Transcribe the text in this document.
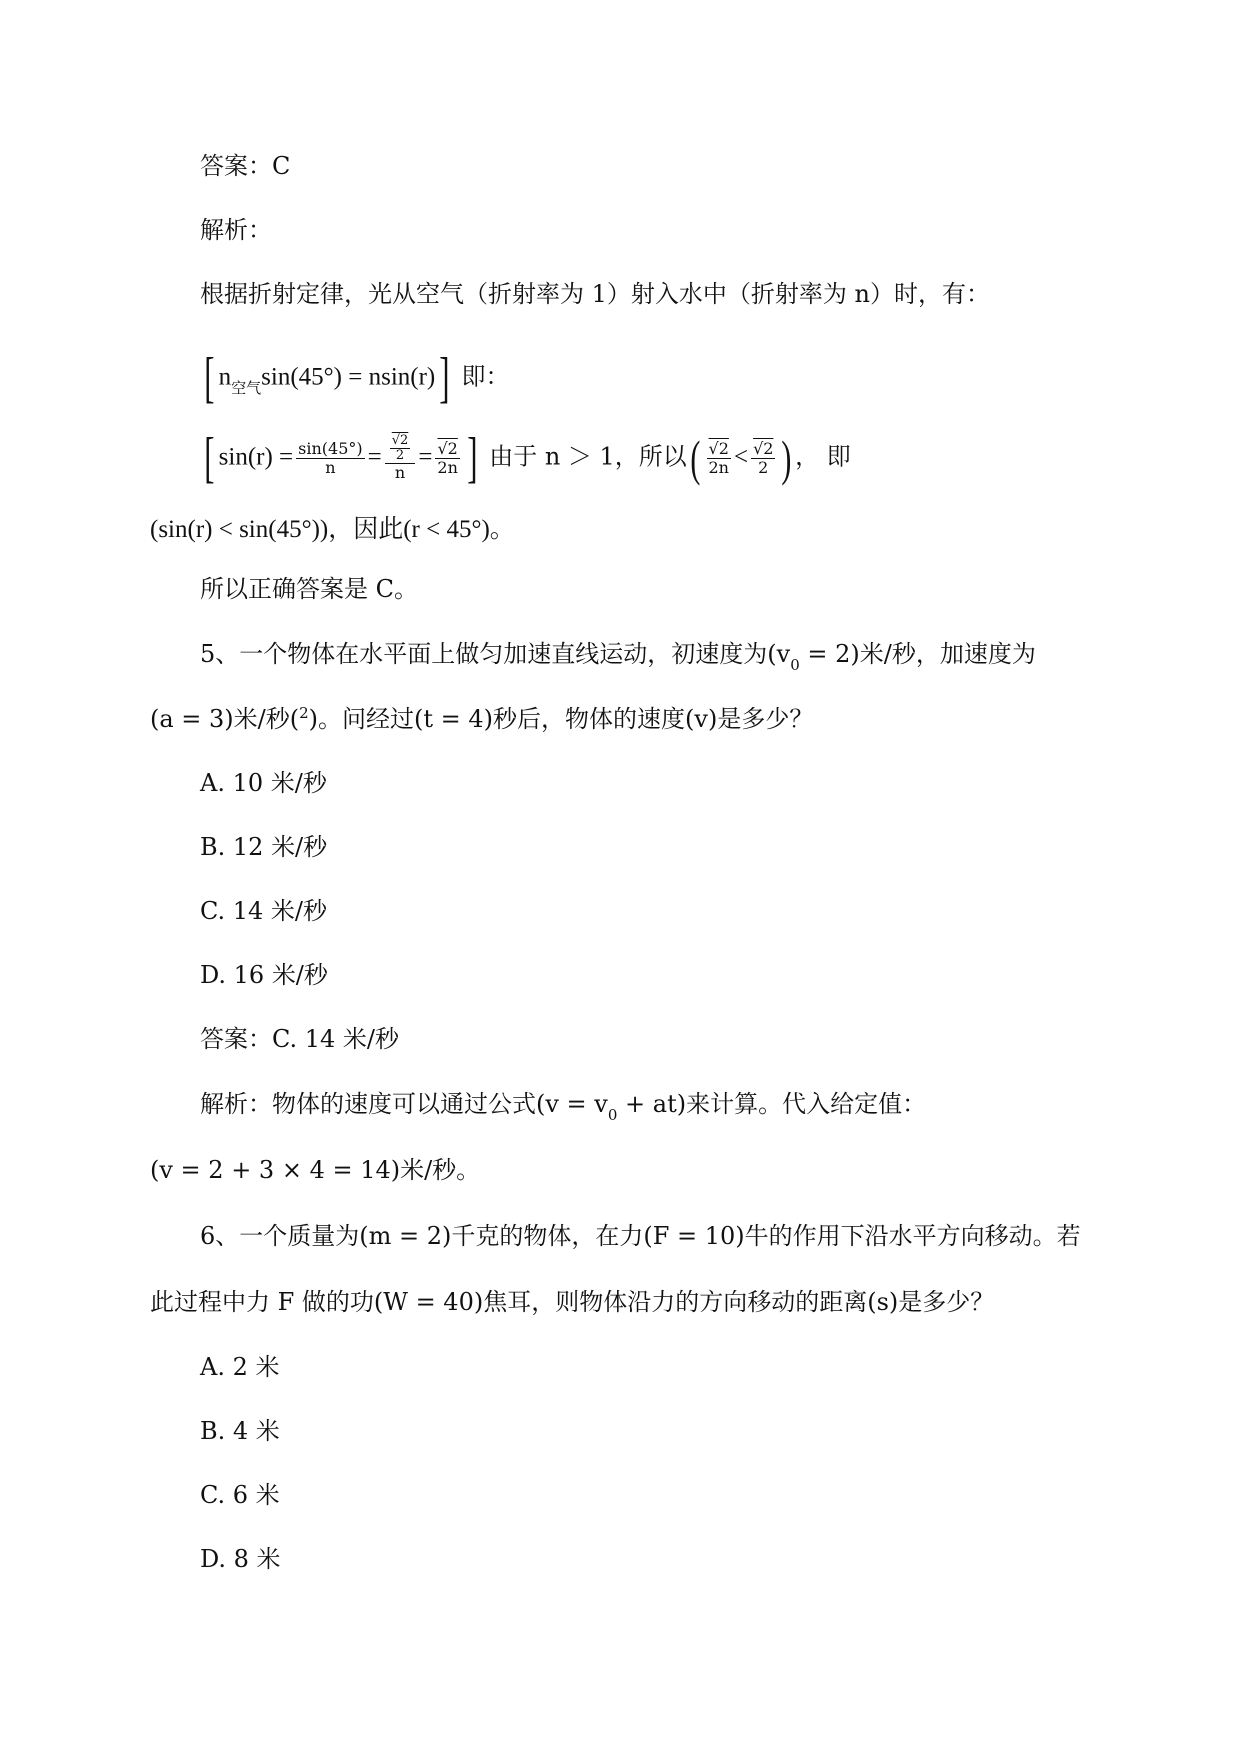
答案：C
解析：
根据折射定律，光从空气（折射率为 1）射入水中（折射率为 n）时，有：
[ $n_{空气}\sin(45^\circ) = nsin(r)$] 即：
[ $\sin(r) = \frac{\sin(45^\circ)}{n} = \frac{\frac{√2}{2}}{n} = \frac{√2}{2n}$ ] 由于 n ＞ 1，所以( $\frac{√2}{2n} < \frac{√2}{2}$ ) ， 即
(sin(r) < sin(45°))，因此(r < 45°)。
所以正确答案是 C。
5、一个物体在水平面上做匀加速直线运动，初速度为$(v_0 = 2)$米/秒，加速度为
(a = 3)米/秒($^2$)。问经过(t = 4)秒后，物体的速度(v)是多少？
A. 10 米/秒
B. 12 米/秒
C. 14 米/秒
D. 16 米/秒
答案：C. 14 米/秒
解析：物体的速度可以通过公式$(v = v_0 + at)$来计算。代入给定值：
(v = 2 + 3 × 4 = 14)米/秒。
6、一个质量为(m = 2)千克的物体，在力(F = 10)牛的作用下沿水平方向移动。若
此过程中力 F 做的功(W = 40)焦耳，则物体沿力的方向移动的距离(s)是多少？
A. 2 米
B. 4 米
C. 6 米
D. 8 米
